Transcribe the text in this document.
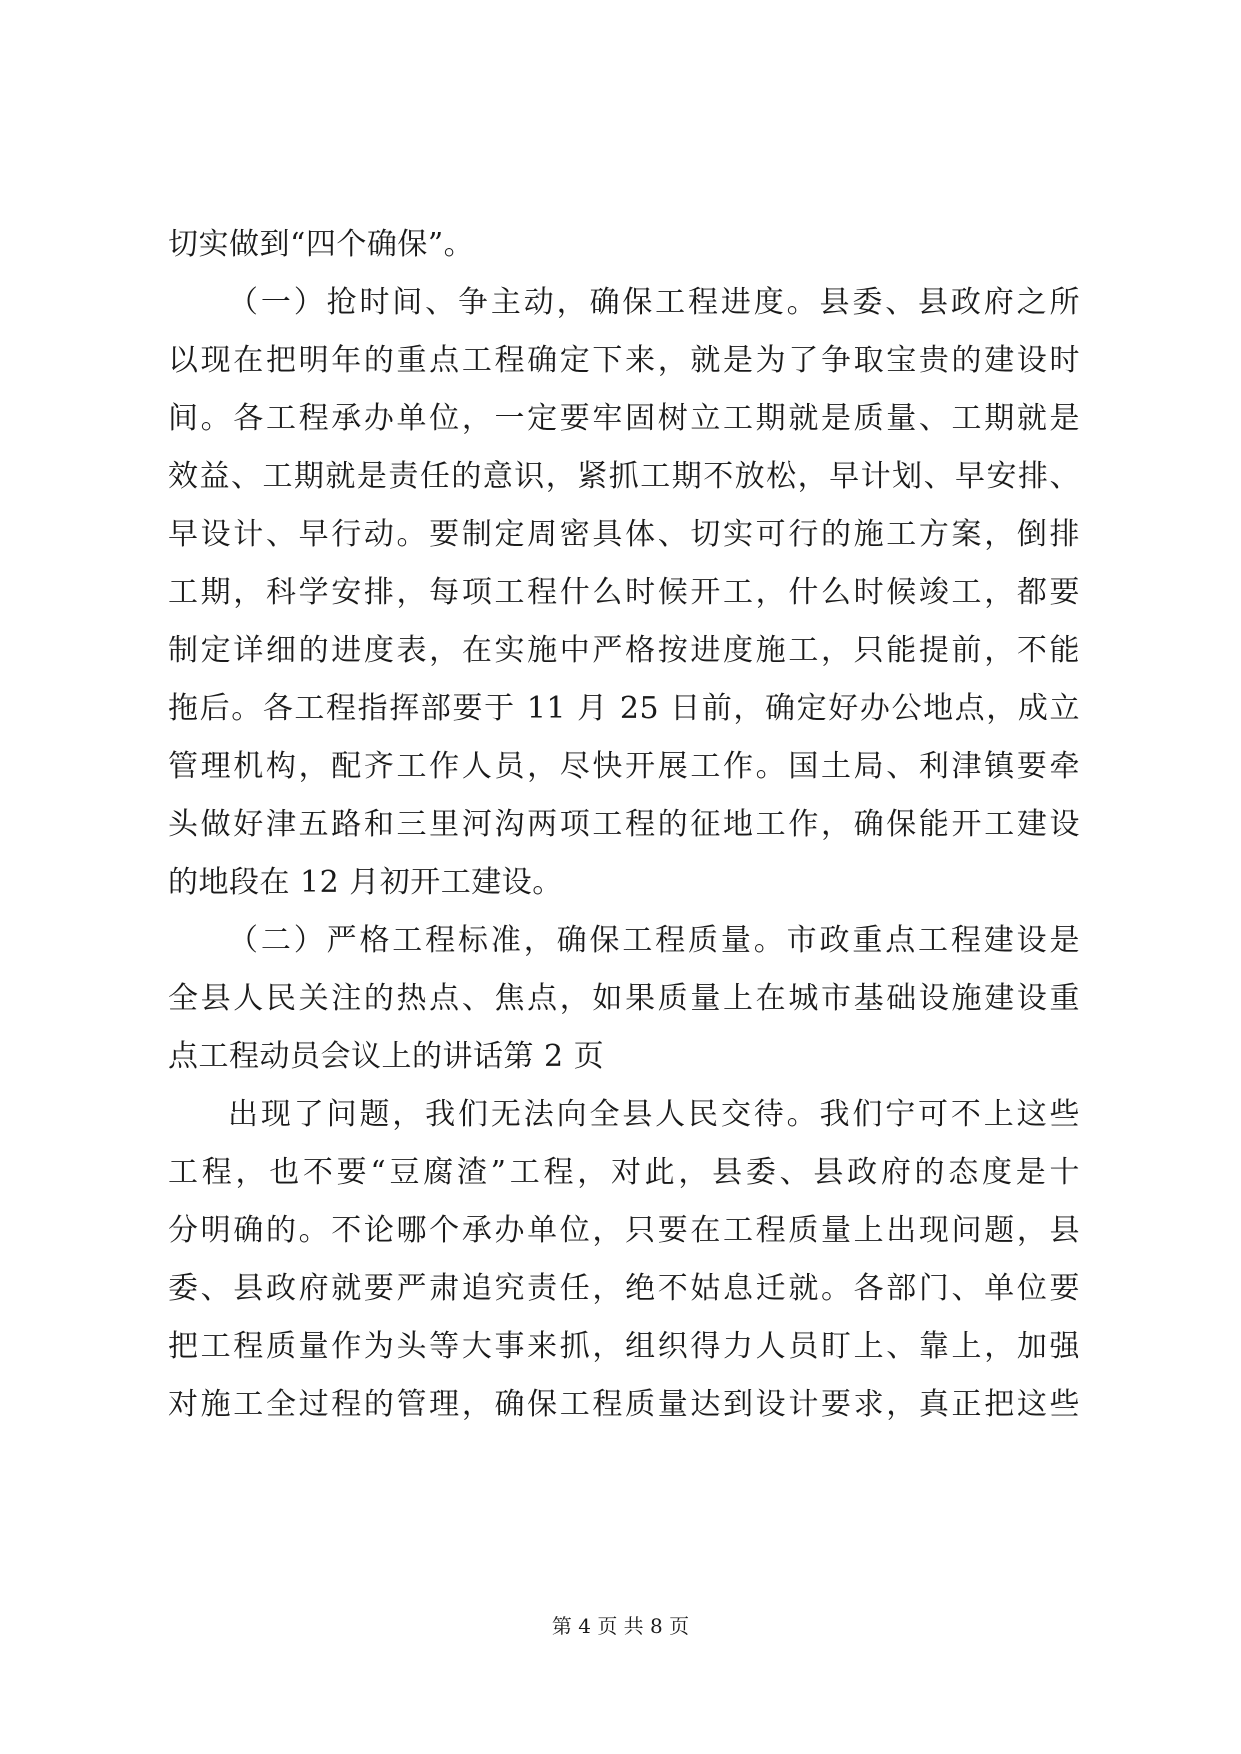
切实做到“四个确保”。
（一）抢时间、争主动，确保工程进度。县委、县政府之所
以现在把明年的重点工程确定下来，就是为了争取宝贵的建设时
间。各工程承办单位，一定要牢固树立工期就是质量、工期就是
效益、工期就是责任的意识，紧抓工期不放松，早计划、早安排、
早设计、早行动。要制定周密具体、切实可行的施工方案，倒排
工期，科学安排，每项工程什么时候开工，什么时候竣工，都要
制定详细的进度表，在实施中严格按进度施工，只能提前，不能
拖后。各工程指挥部要于 11 月 25 日前，确定好办公地点，成立
管理机构，配齐工作人员，尽快开展工作。国土局、利津镇要牵
头做好津五路和三里河沟两项工程的征地工作，确保能开工建设
的地段在 12 月初开工建设。
（二）严格工程标准，确保工程质量。市政重点工程建设是
全县人民关注的热点、焦点，如果质量上在城市基础设施建设重
点工程动员会议上的讲话第 2 页
出现了问题，我们无法向全县人民交待。我们宁可不上这些
工程，也不要“豆腐渣”工程，对此，县委、县政府的态度是十
分明确的。不论哪个承办单位，只要在工程质量上出现问题，县
委、县政府就要严肃追究责任，绝不姑息迁就。各部门、单位要
把工程质量作为头等大事来抓，组织得力人员盯上、靠上，加强
对施工全过程的管理，确保工程质量达到设计要求，真正把这些
第 4 页 共 8 页
